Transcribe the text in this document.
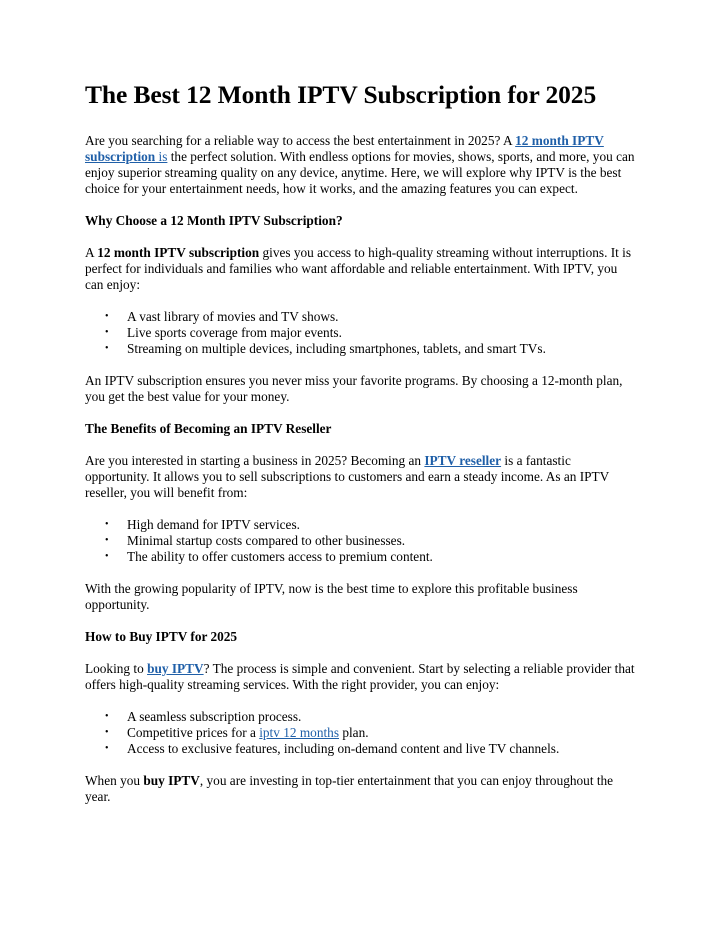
The Best 12 Month IPTV Subscription for 2025

Are you searching for a reliable way to access the best entertainment in 2025? A 12 month IPTV subscription is the perfect solution. With endless options for movies, shows, sports, and more, you can enjoy superior streaming quality on any device, anytime. Here, we will explore why IPTV is the best choice for your entertainment needs, how it works, and the amazing features you can expect.

Why Choose a 12 Month IPTV Subscription?

A 12 month IPTV subscription gives you access to high-quality streaming without interruptions. It is perfect for individuals and families who want affordable and reliable entertainment. With IPTV, you can enjoy:

• A vast library of movies and TV shows.
• Live sports coverage from major events.
• Streaming on multiple devices, including smartphones, tablets, and smart TVs.

An IPTV subscription ensures you never miss your favorite programs. By choosing a 12-month plan, you get the best value for your money.

The Benefits of Becoming an IPTV Reseller

Are you interested in starting a business in 2025? Becoming an IPTV reseller is a fantastic opportunity. It allows you to sell subscriptions to customers and earn a steady income. As an IPTV reseller, you will benefit from:

• High demand for IPTV services.
• Minimal startup costs compared to other businesses.
• The ability to offer customers access to premium content.

With the growing popularity of IPTV, now is the best time to explore this profitable business opportunity.

How to Buy IPTV for 2025

Looking to buy IPTV? The process is simple and convenient. Start by selecting a reliable provider that offers high-quality streaming services. With the right provider, you can enjoy:

• A seamless subscription process.
• Competitive prices for a iptv 12 months plan.
• Access to exclusive features, including on-demand content and live TV channels.

When you buy IPTV, you are investing in top-tier entertainment that you can enjoy throughout the year.
